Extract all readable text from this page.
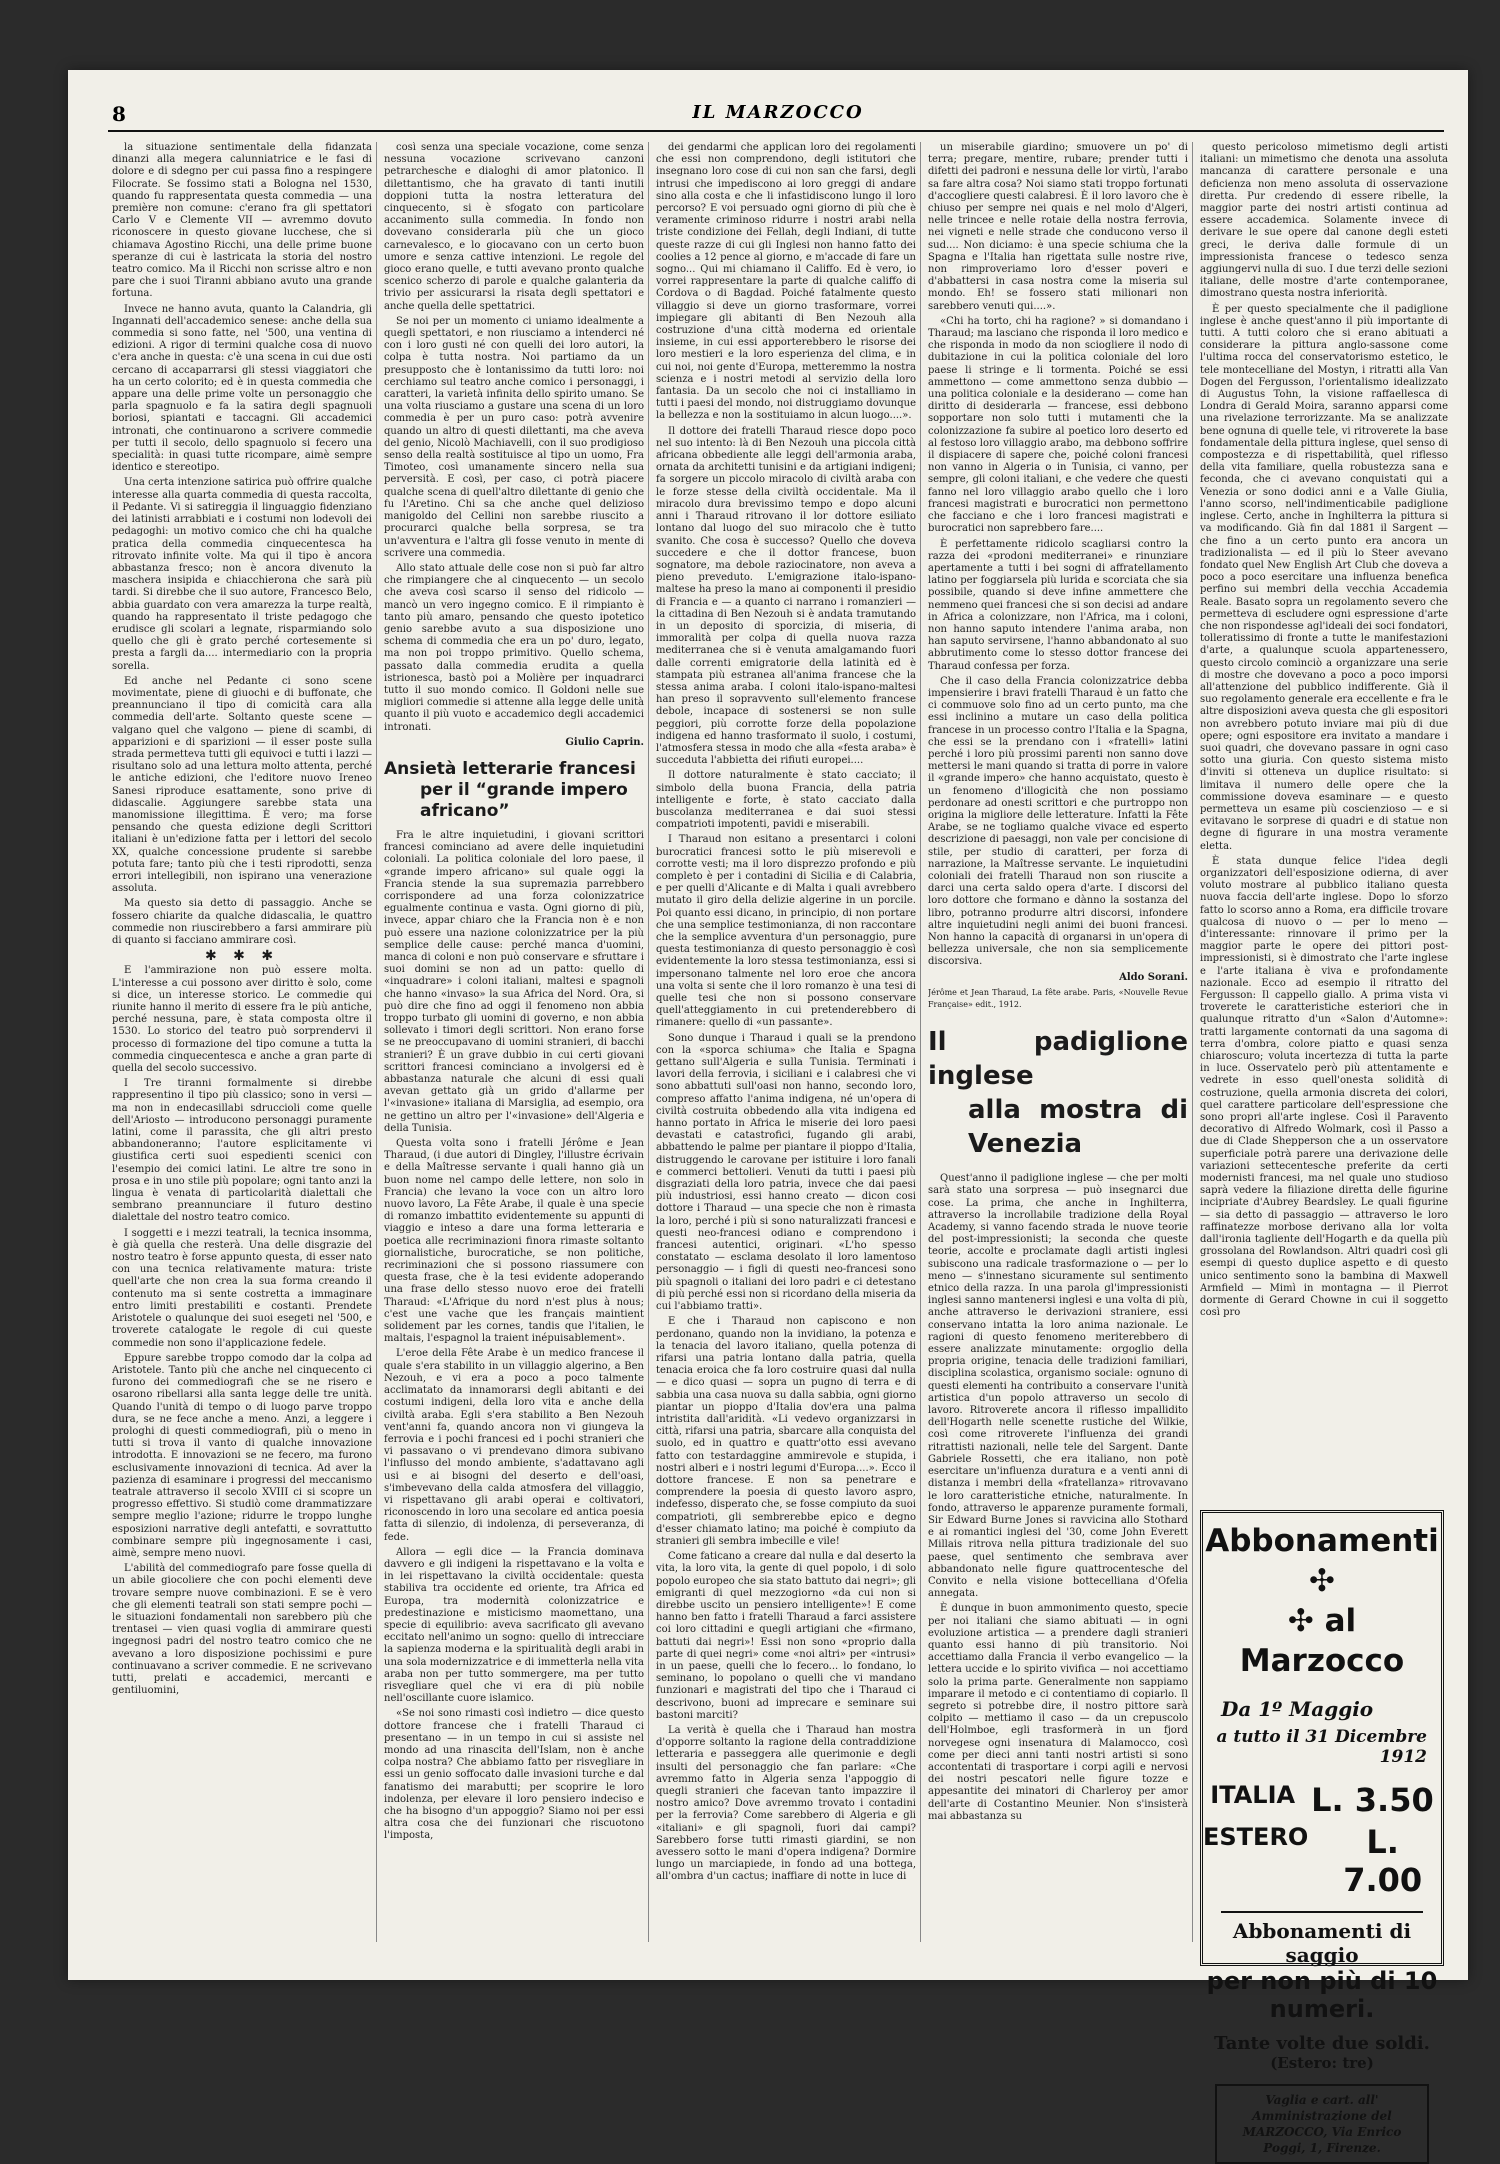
8	IL MARZOCCO

la situazione sentimentale della fidanzata dinanzi alla megera calunniatrice e le fasi di dolore e di sdegno per cui passa fino a respingere Filocrate. Se fossimo stati a Bologna nel 1530, quando fu rappresentata questa commedia — una première non comune: c'erano fra gli spettatori Carlo V e Clemente VII — avremmo dovuto riconoscere in questo giovane lucchese, che si chiamava Agostino Ricchi, una delle prime buone speranze di cui è lastricata la storia del nostro teatro comico. Ma il Ricchi non scrisse altro e non pare che i suoi Tiranni abbiano avuto una grande fortuna.

Invece ne hanno avuta, quanto la Calandria, gli Ingannati dell'accademico senese: anche della sua commedia si sono fatte, nel '500, una ventina di edizioni. A rigor di termini qualche cosa di nuovo c'era anche in questa: c'è una scena in cui due osti cercano di accaparrarsi gli stessi viaggiatori che ha un certo colorito; ed è in questa commedia che appare una delle prime volte un personaggio che parla spagnuolo e fa la satira degli spagnuoli boriosi, spiantati e taccagni. Gli accademici intronati, che continuarono a scrivere commedie per tutti il secolo, dello spagnuolo si fecero una specialità: in quasi tutte ricompare, aimè sempre identico e stereotipo.

Una certa intenzione satirica può offrire qualche interesse alla quarta commedia di questa raccolta, il Pedante. Vi si satireggia il linguaggio fidenziano dei latinisti arrabbiati e i costumi non lodevoli dei pedagoghi: un motivo comico che chi ha qualche pratica della commedia cinquecentesca ha ritrovato infinite volte. Ma qui il tipo è ancora abbastanza fresco; non è ancora divenuto la maschera insipida e chiacchierona che sarà più tardi. Si direbbe che il suo autore, Francesco Belo, abbia guardato con vera amarezza la turpe realtà, quando ha rappresentato il triste pedagogo che erudisce gli scolari a legnate, risparmiando solo quello che gli è grato perché cortesemente si presta a fargli da.... intermediario con la propria sorella.

Ed anche nel Pedante ci sono scene movimentate, piene di giuochi e di buffonate, che preannunciano il tipo di comicità cara alla commedia dell'arte. Soltanto queste scene — valgano quel che valgono — piene di scambi, di apparizioni e di sparizioni — il esser poste sulla strada permetteva tutti gli equivoci e tutti i lazzi — risultano solo ad una lettura molto attenta, perché le antiche edizioni, che l'editore nuovo Ireneo Sanesi riproduce esattamente, sono prive di didascalie. Aggiungere sarebbe stata una manomissione illegittima. È vero; ma forse pensando che questa edizione degli Scrittori italiani è un'edizione fatta per i lettori del secolo XX, qualche concessione prudente si sarebbe potuta fare; tanto più che i testi riprodotti, senza errori intellegibili, non ispirano una venerazione assoluta.

Ma questo sia detto di passaggio. Anche se fossero chiarite da qualche didascalia, le quattro commedie non riuscirebbero a farsi ammirare più di quanto si facciano ammirare così.

✱ ✱ ✱

E l'ammirazione non può essere molta. L'interesse a cui possono aver diritto è solo, come si dice, un interesse storico. Le commedie qui riunite hanno il merito di essere fra le più antiche, perché nessuna, pare, è stata composta oltre il 1530. Lo storico del teatro può sorprendervi il processo di formazione del tipo comune a tutta la commedia cinquecentesca e anche a gran parte di quella del secolo successivo.

I Tre tiranni formalmente si direbbe rappresentino il tipo più classico; sono in versi — ma non in endecasillabi sdruccioli come quelle dell'Ariosto — introducono personaggi puramente latini, come il parassita, che gli altri presto abbandoneranno; l'autore esplicitamente vi giustifica certi suoi espedienti scenici con l'esempio dei comici latini. Le altre tre sono in prosa e in uno stile più popolare; ogni tanto anzi la lingua è venata di particolarità dialettali che sembrano preannunciare il futuro destino dialettale del nostro teatro comico.

I soggetti e i mezzi teatrali, la tecnica insomma, è già quella che resterà. Una delle disgrazie del nostro teatro è forse appunto questa, di esser nato con una tecnica relativamente matura: triste quell'arte che non crea la sua forma creando il contenuto ma si sente costretta a immaginare entro limiti prestabiliti e costanti. Prendete Aristotele o qualunque dei suoi esegeti nel '500, e troverete catalogate le regole di cui queste commedie non sono il'applicazione fedele.

Eppure sarebbe troppo comodo dar la colpa ad Aristotele. Tanto più che anche nel cinquecento ci furono dei commediografi che se ne risero e osarono ribellarsi alla santa legge delle tre unità. Quando l'unità di tempo o di luogo parve troppo dura, se ne fece anche a meno. Anzi, a leggere i prologhi di questi commediografi, più o meno in tutti si trova il vanto di qualche innovazione introdotta. E innovazioni se ne fecero, ma furono esclusivamente innovazioni di tecnica. Ad aver la pazienza di esaminare i progressi del meccanismo teatrale attraverso il secolo XVIII ci si scopre un progresso effettivo. Si studiò come drammatizzare sempre meglio l'azione; ridurre le troppo lunghe esposizioni narrative degli antefatti, e sovrattutto combinare sempre più ingegnosamente i casi, aimè, sempre meno nuovi.

L'abilità del commediografo pare fosse quella di un abile giocoliere che con pochi elementi deve trovare sempre nuove combinazioni. E se è vero che gli elementi teatrali son stati sempre pochi — le situazioni fondamentali non sarebbero più che trentasei — vien quasi voglia di ammirare questi ingegnosi padri del nostro teatro comico che ne avevano a loro disposizione pochissimi e pure continuavano a scriver commedie. E ne scrivevano tutti, prelati e accademici, mercanti e gentiluomini,

così senza una speciale vocazione, come senza nessuna vocazione scrivevano canzoni petrarchesche e dialoghi di amor platonico. Il dilettantismo, che ha gravato di tanti inutili doppioni tutta la nostra letteratura del cinquecento, si è sfogato con particolare accanimento sulla commedia. In fondo non dovevano considerarla più che un gioco carnevalesco, e lo giocavano con un certo buon umore e senza cattive intenzioni. Le regole del gioco erano quelle, e tutti avevano pronto qualche scenico scherzo di parole e qualche galanteria da trivio per assicurarsi la risata degli spettatori e anche quella delle spettatrici.

Se noi per un momento ci uniamo idealmente a quegli spettatori, e non riusciamo a intenderci né con i loro gusti né con quelli dei loro autori, la colpa è tutta nostra. Noi partiamo da un presupposto che è lontanissimo da tutti loro: noi cerchiamo sul teatro anche comico i personaggi, i caratteri, la varietà infinita dello spirito umano. Se una volta riusciamo a gustare una scena di un loro commedia è per un puro caso: potrà avvenire quando un altro di questi dilettanti, ma che aveva del genio, Nicolò Machiavelli, con il suo prodigioso senso della realtà sostituisce al tipo un uomo, Fra Timoteo, così umanamente sincero nella sua perversità. E così, per caso, ci potrà piacere qualche scena di quell'altro dilettante di genio che fu l'Aretino. Chi sa che anche quel delizioso manigoldo del Cellini non sarebbe riuscito a procurarci qualche bella sorpresa, se tra un'avventura e l'altra gli fosse venuto in mente di scrivere una commedia.

Allo stato attuale delle cose non si può far altro che rimpiangere che al cinquecento — un secolo che aveva così scarso il senso del ridicolo — mancò un vero ingegno comico. E il rimpianto è tanto più amaro, pensando che questo ipotetico genio sarebbe avuto a sua disposizione uno schema di commedia che era un po' duro, legato, ma non poi troppo primitivo. Quello schema, passato dalla commedia erudita a quella istrionesca, bastò poi a Molière per inquadrarci tutto il suo mondo comico. Il Goldoni nelle sue migliori commedie si attenne alla legge delle unità quanto il più vuoto e accademico degli accademici intronati.

Giulio Caprin.

Ansietà letterarie francesi
per il “grande impero africano”

Fra le altre inquietudini, i giovani scrittori francesi cominciano ad avere delle inquietudini coloniali. La politica coloniale del loro paese, il «grande impero africano» sul quale oggi la Francia stende la sua supremazia parrebbero corrispondere ad una forza colonizzatrice egualmente continua e vasta. Ogni giorno di più, invece, appar chiaro che la Francia non è e non può essere una nazione colonizzatrice per la più semplice delle cause: perché manca d'uomini, manca di coloni e non può conservare e sfruttare i suoi domini se non ad un patto: quello di «inquadrare» i coloni italiani, maltesi e spagnoli che hanno «invaso» la sua Africa del Nord. Ora, si può dire che fino ad oggi il fenomeno non abbia troppo turbato gli uomini di governo, e non abbia sollevato i timori degli scrittori. Non erano forse se ne preoccupavano di uomini stranieri, di bacchi stranieri? È un grave dubbio in cui certi giovani scrittori francesi cominciano a involgersi ed è abbastanza naturale che alcuni di essi quali avevan gettato già un grido d'allarme per l'«invasione» italiana di Marsiglia, ad esempio, ora ne gettino un altro per l'«invasione» dell'Algeria e della Tunisia.

Questa volta sono i fratelli Jérôme e Jean Tharaud, (i due autori di Dingley, l'illustre écrivain e della Maîtresse servante i quali hanno già un buon nome nel campo delle lettere, non solo in Francia) che levano la voce con un altro loro nuovo lavoro, La Fête Arabe, il quale è una specie di romanzo imbattito evidentemente su appunti di viaggio e inteso a dare una forma letteraria e poetica alle recriminazioni finora rimaste soltanto giornalistiche, burocratiche, se non politiche, recriminazioni che si possono riassumere con questa frase, che è la tesi evidente adoperando una frase dello stesso nuovo eroe dei fratelli Tharaud: «L'Afrique du nord n'est plus à nous; c'est une vache que les français maintient solidement par les cornes, tandis que l'italien, le maltais, l'espagnol la traient inépuisablement».

L'eroe della Fête Arabe è un medico francese il quale s'era stabilito in un villaggio algerino, a Ben Nezouh, e vi era a poco a poco talmente acclimatato da innamorarsi degli abitanti e dei costumi indigeni, della loro vita e anche della civiltà araba. Egli s'era stabilito a Ben Nezouh vent'anni fa, quando ancora non vi giungeva la ferrovia e i pochi francesi ed i pochi stranieri che vi passavano o vi prendevano dimora subivano l'influsso del mondo ambiente, s'adattavano agli usi e ai bisogni del deserto e dell'oasi, s'imbevevano della calda atmosfera del villaggio, vi rispettavano gli arabi operai e coltivatori, riconoscendo in loro una secolare ed antica poesia fatta di silenzio, di indolenza, di perseveranza, di fede.

Allora — egli dice — la Francia dominava davvero e gli indigeni la rispettavano e la volta e in lei rispettavano la civiltà occidentale: questa stabiliva tra occidente ed oriente, tra Africa ed Europa, tra modernità colonizzatrice e predestinazione e misticismo maomettano, una specie di equilibrio: aveva sacrificato gli avevano eccitato nell'animo un sogno: quello di intrecciare la sapienza moderna e la spiritualità degli arabi in una sola modernizzatrice e di immetterla nella vita araba non per tutto sommergere, ma per tutto risvegliare quel che vi era di più nobile nell'oscillante cuore islamico.

«Se noi sono rimasti così indietro — dice questo dottore francese che i fratelli Tharaud ci presentano — in un tempo in cui si assiste nel mondo ad una rinascita dell'Islam, non è anche colpa nostra? Che abbiamo fatto per risvegliare in essi un genio soffocato dalle invasioni turche e dal fanatismo dei marabutti; per scoprire le loro indolenza, per elevare il loro pensiero indeciso e che ha bisogno d'un appoggio? Siamo noi per essi altra cosa che dei funzionari che riscuotono l'imposta,

dei gendarmi che applican loro dei regolamenti che essi non comprendono, degli istitutori che insegnano loro cose di cui non san che farsi, degli intrusi che impediscono ai loro greggi di andare sino alla costa e che li infastidiscono lungo il loro percorso? E voi persuado ogni giorno di più che è veramente criminoso ridurre i nostri arabi nella triste condizione dei Fellah, degli Indiani, di tutte queste razze di cui gli Inglesi non hanno fatto dei coolies a 12 pence al giorno, e m'accade di fare un sogno... Qui mi chiamano il Califfo. Ed è vero, io vorrei rappresentare la parte di qualche califfo di Cordova o di Bagdad. Poiché fatalmente questo villaggio si deve un giorno trasformare, vorrei impiegare gli abitanti di Ben Nezouh alla costruzione d'una città moderna ed orientale insieme, in cui essi apporterebbero le risorse dei loro mestieri e la loro esperienza del clima, e in cui noi, noi gente d'Europa, metteremmo la nostra scienza e i nostri metodi al servizio della loro fantasia. Da un secolo che noi ci installiamo in tutti i paesi del mondo, noi distruggiamo dovunque la bellezza e non la sostituiamo in alcun luogo....».

Il dottore dei fratelli Tharaud riesce dopo poco nel suo intento: là di Ben Nezouh una piccola città africana obbediente alle leggi dell'armonia araba, ornata da architetti tunisini e da artigiani indigeni; fa sorgere un piccolo miracolo di civiltà araba con le forze stesse della civiltà occidentale. Ma il miracolo dura brevissimo tempo e dopo alcuni anni i Tharaud ritrovano il lor dottore esiliato lontano dal luogo del suo miracolo che è tutto svanito. Che cosa è successo? Quello che doveva succedere e che il dottor francese, buon sognatore, ma debole raziocinatore, non aveva a pieno preveduto. L'emigrazione italo-ispano-maltese ha preso la mano ai componenti il presidio di Francia e — a quanto ci narrano i romanzieri — la cittadina di Ben Nezouh si è andata tramutando in un deposito di sporcizia, di miseria, di immoralità per colpa di quella nuova razza mediterranea che si è venuta amalgamando fuori dalle correnti emigratorie della latinità ed è stampata più estranea all'anima francese che la stessa anima araba. I coloni italo-ispano-maltesi han preso il sopravvento sull'elemento francese debole, incapace di sostenersi se non sulle peggiori, più corrotte forze della popolazione indigena ed hanno trasformato il suolo, i costumi, l'atmosfera stessa in modo che alla «festa araba» è succeduta l'abbietta dei rifiuti europei....

Il dottore naturalmente è stato cacciato; il simbolo della buona Francia, della patria intelligente e forte, è stato cacciato dalla buscolanza mediterranea e dai suoi stessi compatrioti impotenti, pavidi e miserabili.

I Tharaud non esitano a presentarci i coloni burocratici francesi sotto le più miserevoli e corrotte vesti; ma il loro disprezzo profondo e più completo è per i contadini di Sicilia e di Calabria, e per quelli d'Alicante e di Malta i quali avrebbero mutato il giro della delizie algerine in un porcile. Poi quanto essi dicano, in principio, di non portare che una semplice testimonianza, di non raccontare che la semplice avventura d'un personaggio, pure questa testimonianza di questo personaggio è così evidentemente la loro stessa testimonianza, essi si impersonano talmente nel loro eroe che ancora una volta si sente che il loro romanzo è una tesi di quelle tesi che non si possono conservare quell'atteggiamento in cui pretenderebbero di rimanere: quello di «un passante».

Sono dunque i Tharaud i quali se la prendono con la «sporca schiuma» che Italia e Spagna gettano sull'Algeria e sulla Tunisia. Terminati i lavori della ferrovia, i siciliani e i calabresi che vi sono abbattuti sull'oasi non hanno, secondo loro, compreso affatto l'anima indigena, né un'opera di civiltà costruita obbedendo alla vita indigena ed hanno portato in Africa le miserie dei loro paesi devastati e catastrofici, fugando gli arabi, abbattendo le palme per piantare il pioppo d'Italia, distruggendo le carovane per istituire i loro fanali e commerci bettolieri. Venuti da tutti i paesi più disgraziati della loro patria, invece che dai paesi più industriosi, essi hanno creato — dicon cosi dottore i Tharaud — una specie che non è rimasta la loro, perché i più si sono naturalizzati francesi e questi neo-francesi odiano e comprendono i francesi autentici, originari. «L'ho spesso constatato — esclama desolato il loro lamentoso personaggio — i figli di questi neo-francesi sono più spagnoli o italiani dei loro padri e ci detestano di più perché essi non si ricordano della miseria da cui l'abbiamo tratti».

E che i Tharaud non capiscono e non perdonano, quando non la invidiano, la potenza e la tenacia del lavoro italiano, quella potenza di rifarsi una patria lontano dalla patria, quella tenacia eroica che fa loro costruire quasi dal nulla — e dico quasi — sopra un pugno di terra e di sabbia una casa nuova su dalla sabbia, ogni giorno piantar un pioppo d'Italia dov'era una palma intristita dall'aridità. «Li vedevo organizzarsi in città, rifarsi una patria, sbarcare alla conquista del suolo, ed in quattro e quattr'otto essi avevano fatto con testardaggine ammirevole e stupida, i nostri alberi e i nostri legumi d'Europa....». Ecco il dottore francese. E non sa penetrare e comprendere la poesia di questo lavoro aspro, indefesso, disperato che, se fosse compiuto da suoi compatrioti, gli sembrerebbe epico e degno d'esser chiamato latino; ma poiché è compiuto da stranieri gli sembra imbecille e vile!

Come faticano a creare dal nulla e dal deserto la vita, la loro vita, la gente di quel popolo, i di solo popolo europeo che sia stato battuto dai negri»; gli emigranti di quel mezzogiorno «da cui non si direbbe uscito un pensiero intelligente»! E come hanno ben fatto i fratelli Tharaud a farci assistere coi loro cittadini e quegli artigiani che «firmano, battuti dai negri»! Essi non sono «proprio dalla parte di quei negri» come «noi altri» per «intrusi» in un paese, quelli che lo fecero... lo fondano, lo seminano, lo popolano o quelli che vi mandano funzionari e magistrati del tipo che i Tharaud ci descrivono, buoni ad imprecare e seminare sui bastoni marciti?

La verità è quella che i Tharaud han mostra d'opporre soltanto la ragione della contraddizione letteraria e passeggera alle querimonie e degli insulti del personaggio che fan parlare: «Che avremmo fatto in Algeria senza l'appoggio di quegli stranieri che facevan tanto impazzire il nostro amico? Dove avremmo trovato i contadini per la ferrovia? Come sarebbero di Algeria e gli «italiani» e gli spagnoli, fuori dai campi? Sarebbero forse tutti rimasti giardini, se non avessero sotto le mani d'opera indigena? Dormire lungo un marciapiede, in fondo ad una bottega, all'ombra d'un cactus; inaffiare di notte in luce di

un miserabile giardino; smuovere un po' di terra; pregare, mentire, rubare; prender tutti i difetti dei padroni e nessuna delle lor virtù, l'arabo sa fare altra cosa? Noi siamo stati troppo fortunati d'accogliere questi calabresi. È il loro lavoro che è chiuso per sempre nei quais e nel molo d'Algeri, nelle trincee e nelle rotaie della nostra ferrovia, nei vigneti e nelle strade che conducono verso il sud.... Non diciamo: è una specie schiuma che la Spagna e l'Italia han rigettata sulle nostre rive, non rimproveriamo loro d'esser poveri e d'abbattersi in casa nostra come la miseria sul mondo. Eh! se fossero stati milionari non sarebbero venuti qui....».

«Chi ha torto, chi ha ragione? » si domandano i Tharaud; ma lasciano che risponda il loro medico e che risponda in modo da non sciogliere il nodo di dubitazione in cui la politica coloniale del loro paese li stringe e li tormenta. Poiché se essi ammettono — come ammettono senza dubbio — una politica coloniale e la desiderano — come han diritto di desiderarla — francese, essi debbono sopportare non solo tutti i mutamenti che la colonizzazione fa subire al poetico loro deserto ed al festoso loro villaggio arabo, ma debbono soffrire il dispiacere di sapere che, poiché coloni francesi non vanno in Algeria o in Tunisia, ci vanno, per sempre, gli coloni italiani, e che vedere che questi fanno nel loro villaggio arabo quello che i loro francesi magistrati e burocratici non permettono che facciano e che i loro francesi magistrati e burocratici non saprebbero fare....

È perfettamente ridicolo scagliarsi contro la razza dei «prodoni mediterranei» e rinunziare apertamente a tutti i bei sogni di affratellamento latino per foggiarsela più lurida e scorciata che sia possibile, quando si deve infine ammettere che nemmeno quei francesi che si son decisi ad andare in Africa a colonizzare, non l'Africa, ma i coloni, non hanno saputo intendere l'anima araba, non han saputo servirsene, l'hanno abbandonato al suo abbrutimento come lo stesso dottor francese dei Tharaud confessa per forza.

Che il caso della Francia colonizzatrice debba impensierire i bravi fratelli Tharaud è un fatto che ci commuove solo fino ad un certo punto, ma che essi inclinino a mutare un caso della politica francese in un processo contro l'Italia e la Spagna, che essi se la prendano con i «fratelli» latini perché i loro più prossimi parenti non sanno dove mettersi le mani quando si tratta di porre in valore il «grande impero» che hanno acquistato, questo è un fenomeno d'illogicità che non possiamo perdonare ad onesti scrittori e che purtroppo non origina la migliore delle letterature. Infatti la Fête Arabe, se ne togliamo qualche vivace ed esperto descrizione di paesaggi, non vale per concisione di stile, per studio di caratteri, per forza di narrazione, la Maîtresse servante. Le inquietudini coloniali dei fratelli Tharaud non son riuscite a darci una certa saldo opera d'arte. I discorsi del loro dottore che formano e dànno la sostanza del libro, potranno produrre altri discorsi, infondere altre inquietudini negli animi dei buoni francesi. Non hanno la capacità di organarsi in un'opera di bellezza universale, che non sia semplicemente discorsiva.

Aldo Sorani.

Jérôme et Jean Tharaud, La fête arabe. Paris, «Nouvelle Revue Française» edit., 1912.

Il padiglione inglese
alla mostra di Venezia

Quest'anno il padiglione inglese — che per molti sarà stato una sorpresa — può insegnarci due cose. La prima, che anche in Inghilterra, attraverso la incrollabile tradizione della Royal Academy, si vanno facendo strada le nuove teorie del post-impressionisti; la seconda che queste teorie, accolte e proclamate dagli artisti inglesi subiscono una radicale trasformazione o — per lo meno — s'innestano sicuramente sul sentimento etnico della razza. In una parola gl'impressionisti inglesi sanno mantenersi inglesi e una volta di più, anche attraverso le derivazioni straniere, essi conservano intatta la loro anima nazionale. Le ragioni di questo fenomeno meriterebbero di essere analizzate minutamente: orgoglio della propria origine, tenacia delle tradizioni familiari, disciplina scolastica, organismo sociale: ognuno di questi elementi ha contribuito a conservare l'unità artistica d'un popolo attraverso un secolo di lavoro. Ritroverete ancora il riflesso impallidito dell'Hogarth nelle scenette rustiche del Wilkie, così come ritroverete l'influenza dei grandi ritrattisti nazionali, nelle tele del Sargent. Dante Gabriele Rossetti, che era italiano, non potè esercitare un'influenza duratura e a venti anni di distanza i membri della «fratellanza» ritrovavano le loro caratteristiche etniche, naturalmente. In fondo, attraverso le apparenze puramente formali, Sir Edward Burne Jones si ravvicina allo Stothard e ai romantici inglesi del '30, come John Everett Millais ritrova nella pittura tradizionale del suo paese, quel sentimento che sembrava aver abbandonato nelle figure quattrocentesche del Convito e nella visione bottecelliana d'Ofelia annegata.

È dunque in buon ammonimento questo, specie per noi italiani che siamo abituati — in ogni evoluzione artistica — a prendere dagli stranieri quanto essi hanno di più transitorio. Noi accettiamo dalla Francia il verbo evangelico — la lettera uccide e lo spirito vivifica — noi accettiamo solo la prima parte. Generalmente non sappiamo imparare il metodo e ci contentiamo di copiarlo. Il segreto si potrebbe dire, il nostro pittore sarà colpito — mettiamo il caso — da un crepuscolo dell'Holmboe, egli trasformerà in un fjord norvegese ogni insenatura di Malamocco, così come per dieci anni tanti nostri artisti si sono accontentati di trasportare i corpi agili e nervosi dei nostri pescatori nelle figure tozze e appesantite dei minatori di Charleroy per amor dell'arte di Costantino Meunier. Non s'insisterà mai abbastanza su

questo pericoloso mimetismo degli artisti italiani: un mimetismo che denota una assoluta mancanza di carattere personale e una deficienza non meno assoluta di osservazione diretta. Pur credendo di essere ribelle, la maggior parte dei nostri artisti continua ad essere accademica. Solamente invece di derivare le sue opere dal canone degli esteti greci, le deriva dalle formule di un impressionista francese o tedesco senza aggiungervi nulla di suo. I due terzi delle sezioni italiane, delle mostre d'arte contemporanee, dimostrano questa nostra inferiorità.

È per questo specialmente che il padiglione inglese è anche quest'anno il più importante di tutti. A tutti coloro che si erano abituati a considerare la pittura anglo-sassone come l'ultima rocca del conservatorismo estetico, le tele montecelliane del Mostyn, i ritratti alla Van Dogen del Fergusson, l'orientalismo idealizzato di Augustus Tohn, la visione raffaellesca di Londra di Gerald Moira, saranno apparsi come una rivelazione terrorizzante. Ma se analizzate bene ognuna di quelle tele, vi ritroverete la base fondamentale della pittura inglese, quel senso di compostezza e di rispettabilità, quel riflesso della vita familiare, quella robustezza sana e feconda, che ci avevano conquistati qui a Venezia or sono dodici anni e a Valle Giulia, l'anno scorso, nell'indimenticabile padiglione inglese. Certo, anche in Inghilterra la pittura si va modificando. Già fin dal 1881 il Sargent — che fino a un certo punto era ancora un tradizionalista — ed il più lo Steer avevano fondato quel New English Art Club che doveva a poco a poco esercitare una influenza benefica perfino sui membri della vecchia Accademia Reale. Basato sopra un regolamento severo che permetteva di escludere ogni espressione d'arte che non rispondesse agl'ideali dei soci fondatori, tolleratissimo di fronte a tutte le manifestazioni d'arte, a qualunque scuola appartenessero, questo circolo cominciò a organizzare una serie di mostre che dovevano a poco a poco imporsi all'attenzione del pubblico indifferente. Già il suo regolamento generale era eccellente e fra le altre disposizioni aveva questa che gli espositori non avrebbero potuto inviare mai più di due opere; ogni espositore era invitato a mandare i suoi quadri, che dovevano passare in ogni caso sotto una giuria. Con questo sistema misto d'inviti si otteneva un duplice risultato: si limitava il numero delle opere che la commissione doveva esaminare — e questo permetteva un esame più coscienzioso — e si evitavano le sorprese di quadri e di statue non degne di figurare in una mostra veramente eletta.

È stata dunque felice l'idea degli organizzatori dell'esposizione odierna, di aver voluto mostrare al pubblico italiano questa nuova faccia dell'arte inglese. Dopo lo sforzo fatto lo scorso anno a Roma, era difficile trovare qualcosa di nuovo o — per lo meno — d'interessante: rinnovare il primo per la maggior parte le opere dei pittori post-impressionisti, si è dimostrato che l'arte inglese e l'arte italiana è viva e profondamente nazionale. Ecco ad esempio il ritratto del Fergusson: Il cappello giallo. A prima vista vi troverete le caratteristiche esteriori che in qualunque ritratto d'un «Salon d'Automne»: tratti largamente contornati da una sagoma di terra d'ombra, colore piatto e quasi senza chiaroscuro; voluta incertezza di tutta la parte in luce. Osservatelo però più attentamente e vedrete in esso quell'onesta solidità di costruzione, quella armonia discreta dei colori, quel carattere particolare dell'espressione che sono propri all'arte inglese. Così il Paravento decorativo di Alfredo Wolmark, così il Passo a due di Clade Shepperson che a un osservatore superficiale potrà parere una derivazione delle variazioni settecentesche preferite da certi modernisti francesi, ma nel quale uno studioso saprà vedere la filiazione diretta delle figurine incipriate d'Aubrey Beardsley. Le quali figurine — sia detto di passaggio — attraverso le loro raffinatezze morbose derivano alla lor volta dall'ironia tagliente dell'Hogarth e da quella più grossolana del Rowlandson. Altri quadri così gli esempi di questo duplice aspetto e di questo unico sentimento sono la bambina di Maxwell Armfield — Mimì in montagna — il Pierrot dormente di Gerard Chowne in cui il soggetto così pro

Abbonamenti ✣
✣ al Marzocco
Da 1º Maggio
a tutto il 31 Dicembre 1912
ITALIA L. 3.50
ESTERO	L. 7.00
Abbonamenti di saggio
per non più di 10
numeri.
Tante volte due soldi.
(Estero: tre)
Vaglia e cart. all' Amministrazione del MARZOCCO, Via Enrico Poggi, 1, Firenze.
